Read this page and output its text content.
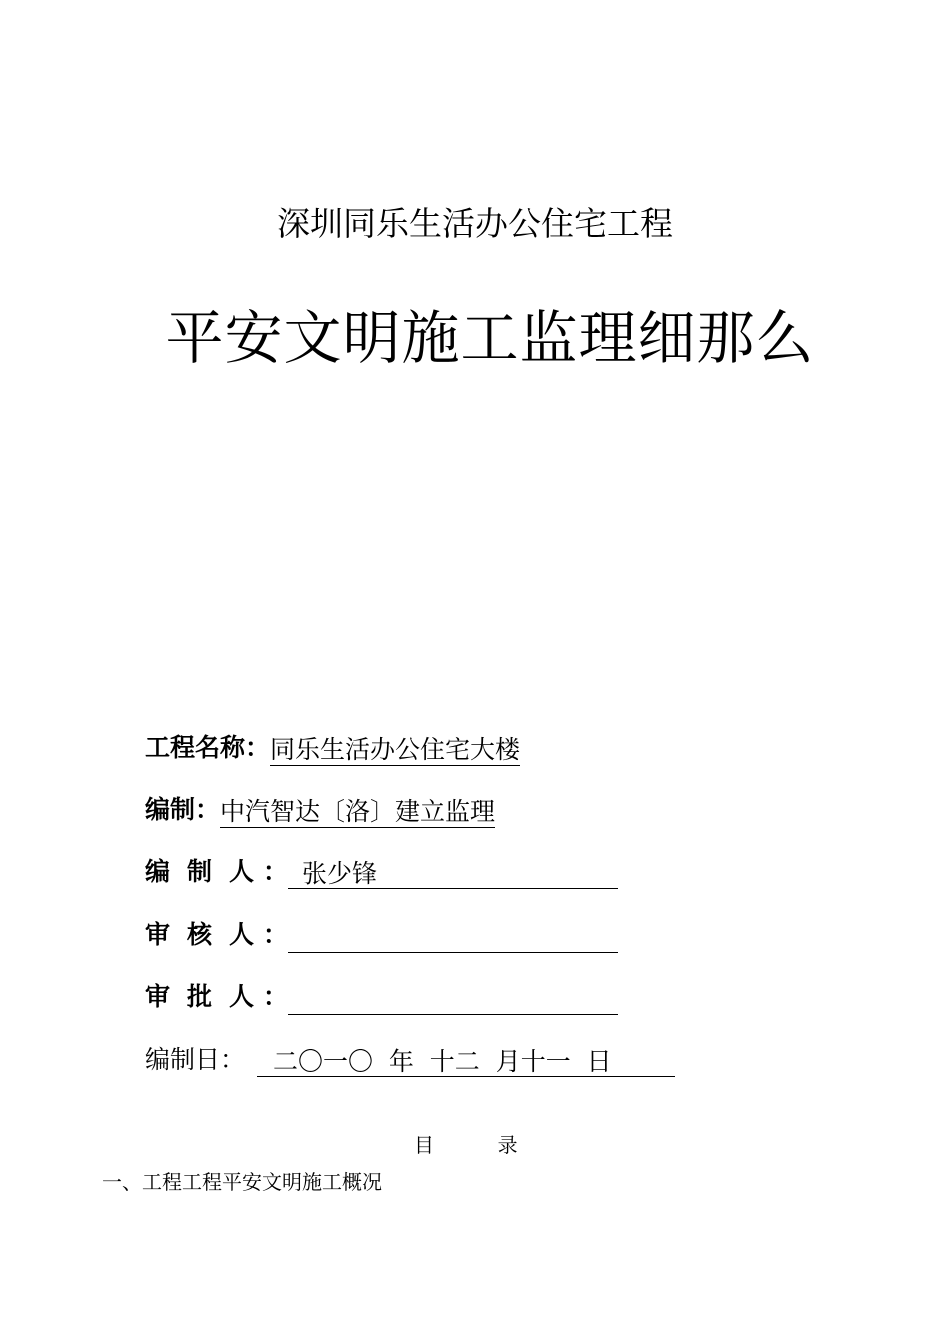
深圳同乐生活办公住宅工程
平安文明施工监理细那么
工程名称：同乐生活办公住宅大楼
编制：中汽智达〔洛〕建立监理
编 制 人 ： 张少锋
审 核 人 ：
审 批 人 ：
编制日： 二〇一〇  年  十二  月十一  日
目          录
一、工程工程平安文明施工概况
